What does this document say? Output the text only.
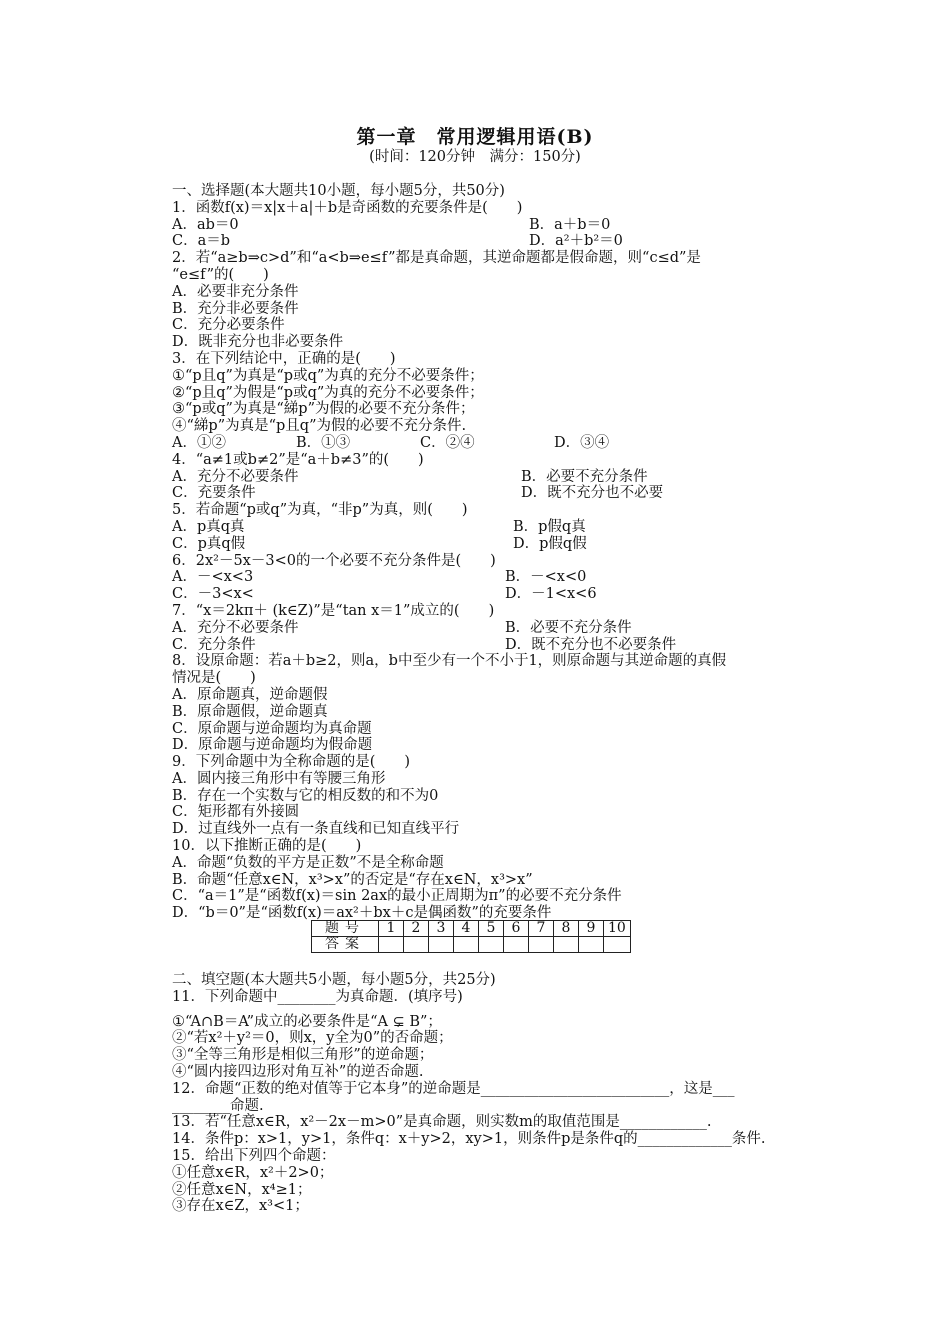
第一章　常用逻辑用语(B)
(时间：120分钟　满分：150分)
一、选择题(本大题共10小题，每小题5分，共50分)
1．函数f(x)＝x|x＋a|＋b是奇函数的充要条件是(　　)
A．ab＝0	B．a＋b＝0
C．a＝b	D．a²＋b²＝0
2．若“a≥b⇒c>d”和“a<b⇒e≤f”都是真命题，其逆命题都是假命题，则“c≤d”是
“e≤f”的(　　)
A．必要非充分条件
B．充分非必要条件
C．充分必要条件
D．既非充分也非必要条件
3．在下列结论中，正确的是(　　)
①“p且q”为真是“p或q”为真的充分不必要条件；
②“p且q”为假是“p或q”为真的充分不必要条件；
③“p或q”为真是“綈p”为假的必要不充分条件；
④“綈p”为真是“p且q”为假的必要不充分条件.
A．①②	B．①③	C．②④	D．③④
4．“a≠1或b≠2”是“a＋b≠3”的(　　)
A．充分不必要条件	B．必要不充分条件
C．充要条件	D．既不充分也不必要
5．若命题“p或q”为真，“非p”为真，则(　　)
A．p真q真	B．p假q真
C．p真q假	D．p假q假
6．2x²－5x－3<0的一个必要不充分条件是(　　)
A．－<x<3	B．－<x<0
C．－3<x<	D．－1<x<6
7．“x＝2kπ＋ (k∈Z)”是“tan x＝1”成立的(　　)
A．充分不必要条件	B．必要不充分条件
C．充分条件	D．既不充分也不必要条件
8．设原命题：若a＋b≥2，则a，b中至少有一个不小于1，则原命题与其逆命题的真假
情况是(　　)
A．原命题真，逆命题假
B．原命题假，逆命题真
C．原命题与逆命题均为真命题
D．原命题与逆命题均为假命题
9．下列命题中为全称命题的是(　　)
A．圆内接三角形中有等腰三角形
B．存在一个实数与它的相反数的和不为0
C．矩形都有外接圆
D．过直线外一点有一条直线和已知直线平行
10．以下推断正确的是(　　)
A．命题“负数的平方是正数”不是全称命题
B．命题“任意x∈N，x³>x”的否定是“存在x∈N，x³>x”
C．“a＝1”是“函数f(x)＝sin 2ax的最小正周期为π”的必要不充分条件
D．“b＝0”是“函数f(x)＝ax²＋bx＋c是偶函数”的充要条件
题号	1	2	3	4	5	6	7	8	9	10
答案										
二、填空题(本大题共5小题，每小题5分，共25分)
11．下列命题中________为真命题．(填序号)
①“A∩B＝A”成立的必要条件是“A ⊊ B”；
②“若x²＋y²＝0，则x，y全为0”的否命题；
③“全等三角形是相似三角形”的逆命题；
④“圆内接四边形对角互补”的逆否命题.
12．命题“正数的绝对值等于它本身”的逆命题是__________________________，这是___
________命题.
13．若“任意x∈R，x²－2x－m>0”是真命题，则实数m的取值范围是____________.
14．条件p：x>1，y>1，条件q：x＋y>2，xy>1，则条件p是条件q的_____________条件.
15．给出下列四个命题：
①任意x∈R，x²＋2>0；
②任意x∈N，x⁴≥1；
③存在x∈Z，x³<1；
